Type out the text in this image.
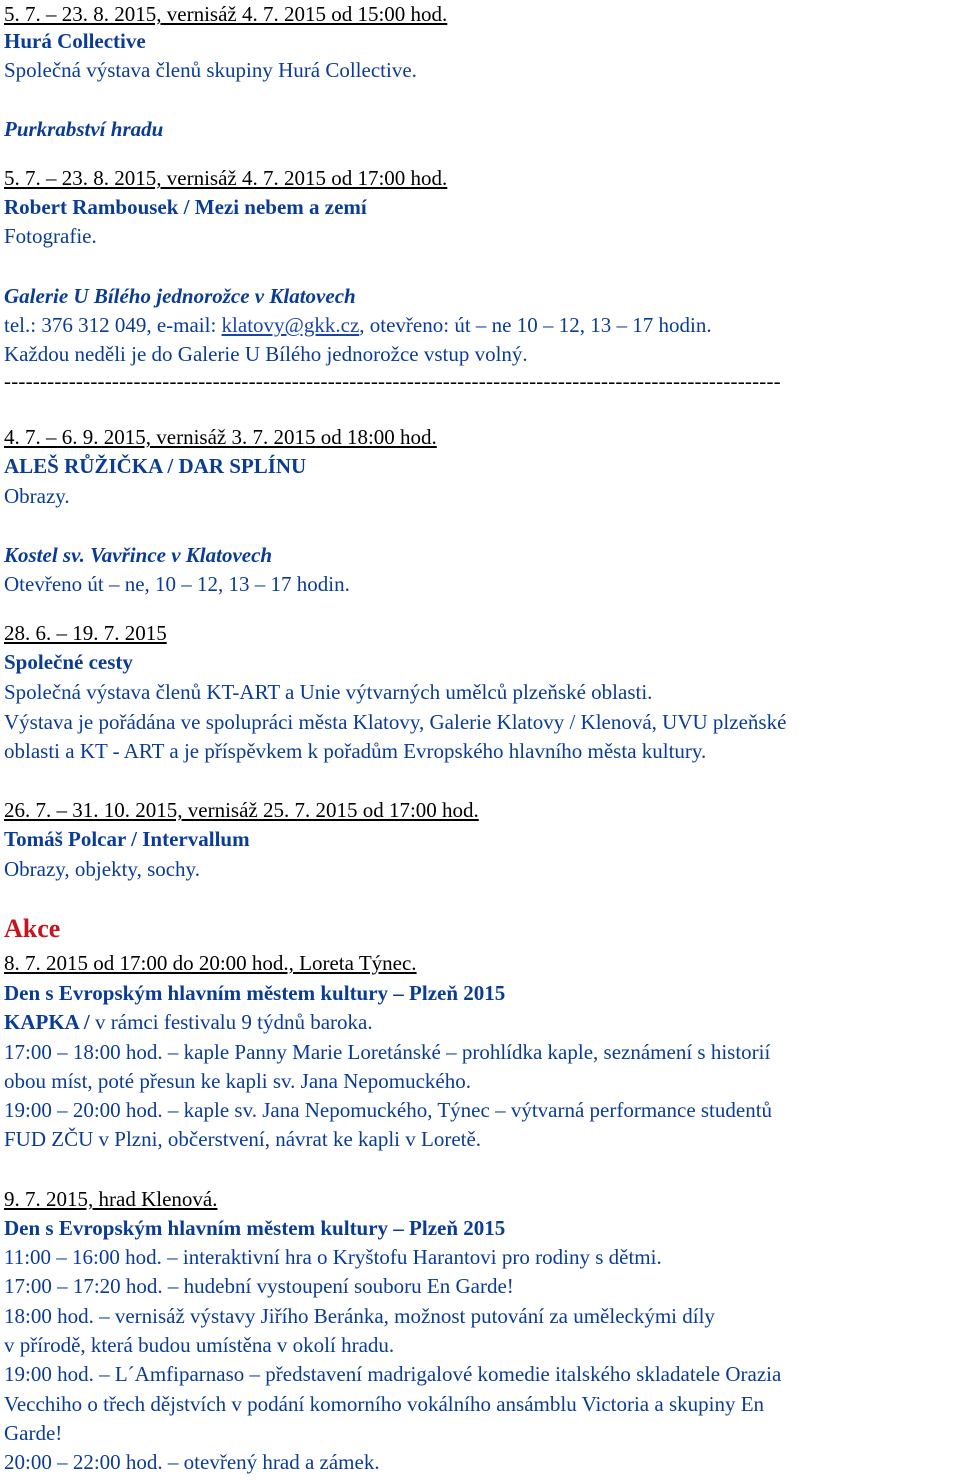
5. 7. – 23. 8. 2015, vernisáž 4. 7. 2015 od 15:00 hod.
Hurá Collective
Společná výstava členů skupiny Hurá Collective.
Purkrabství hradu
5. 7. – 23. 8. 2015, vernisáž 4. 7. 2015 od 17:00 hod.
Robert Rambousek / Mezi nebem a zemí
Fotografie.
Galerie U Bílého jednorožce v Klatovech
tel.: 376 312 049, e-mail: klatovy@gkk.cz, otevřeno: út – ne 10 – 12, 13 – 17 hodin.
Každou neděli je do Galerie U Bílého jednorožce vstup volný.
------------------------------------------------------------------------------------------------------------
4. 7. – 6. 9. 2015, vernisáž 3. 7. 2015 od 18:00 hod.
ALEŠ RŮŽIČKA / DAR SPLÍNU
Obrazy.
Kostel sv. Vavřince v Klatovech
Otevřeno út – ne, 10 – 12, 13 – 17 hodin.
28. 6. – 19. 7. 2015
Společné cesty
Společná výstava členů KT-ART a Unie výtvarných umělců plzeňské oblasti.
Výstava je pořádána ve spolupráci města Klatovy, Galerie Klatovy / Klenová, UVU plzeňské
oblasti a KT - ART a je příspěvkem k pořadům Evropského hlavního města kultury.
26. 7. – 31. 10. 2015, vernisáž 25. 7. 2015 od 17:00 hod.
Tomáš Polcar / Intervallum
Obrazy, objekty, sochy.
Akce
8. 7. 2015 od 17:00 do 20:00 hod., Loreta Týnec.
Den s Evropským hlavním městem kultury – Plzeň 2015
KAPKA / v rámci festivalu 9 týdnů baroka.
17:00 – 18:00 hod. – kaple Panny Marie Loretánské – prohlídka kaple, seznámení s historií
obou míst, poté přesun ke kapli sv. Jana Nepomuckého.
19:00 – 20:00 hod. – kaple sv. Jana Nepomuckého, Týnec – výtvarná performance studentů
FUD ZČU v Plzni, občerstvení, návrat ke kapli v Loretě.
9. 7. 2015, hrad Klenová.
Den s Evropským hlavním městem kultury – Plzeň 2015
11:00 – 16:00 hod. – interaktivní hra o Kryštofu Harantovi pro rodiny s dětmi.
17:00 – 17:20 hod. – hudební vystoupení souboru En Garde!
18:00 hod. – vernisáž výstavy Jiřího Beránka, možnost putování za uměleckými díly
v přírodě, která budou umístěna v okolí hradu.
19:00 hod. – L´Amfiparnaso – představení madrigalové komedie italského skladatele Orazia
Vecchiho o třech dějstvích v podání komorního vokálního ansámblu Victoria a skupiny En
Garde!
20:00 – 22:00 hod. – otevřený hrad a zámek.
